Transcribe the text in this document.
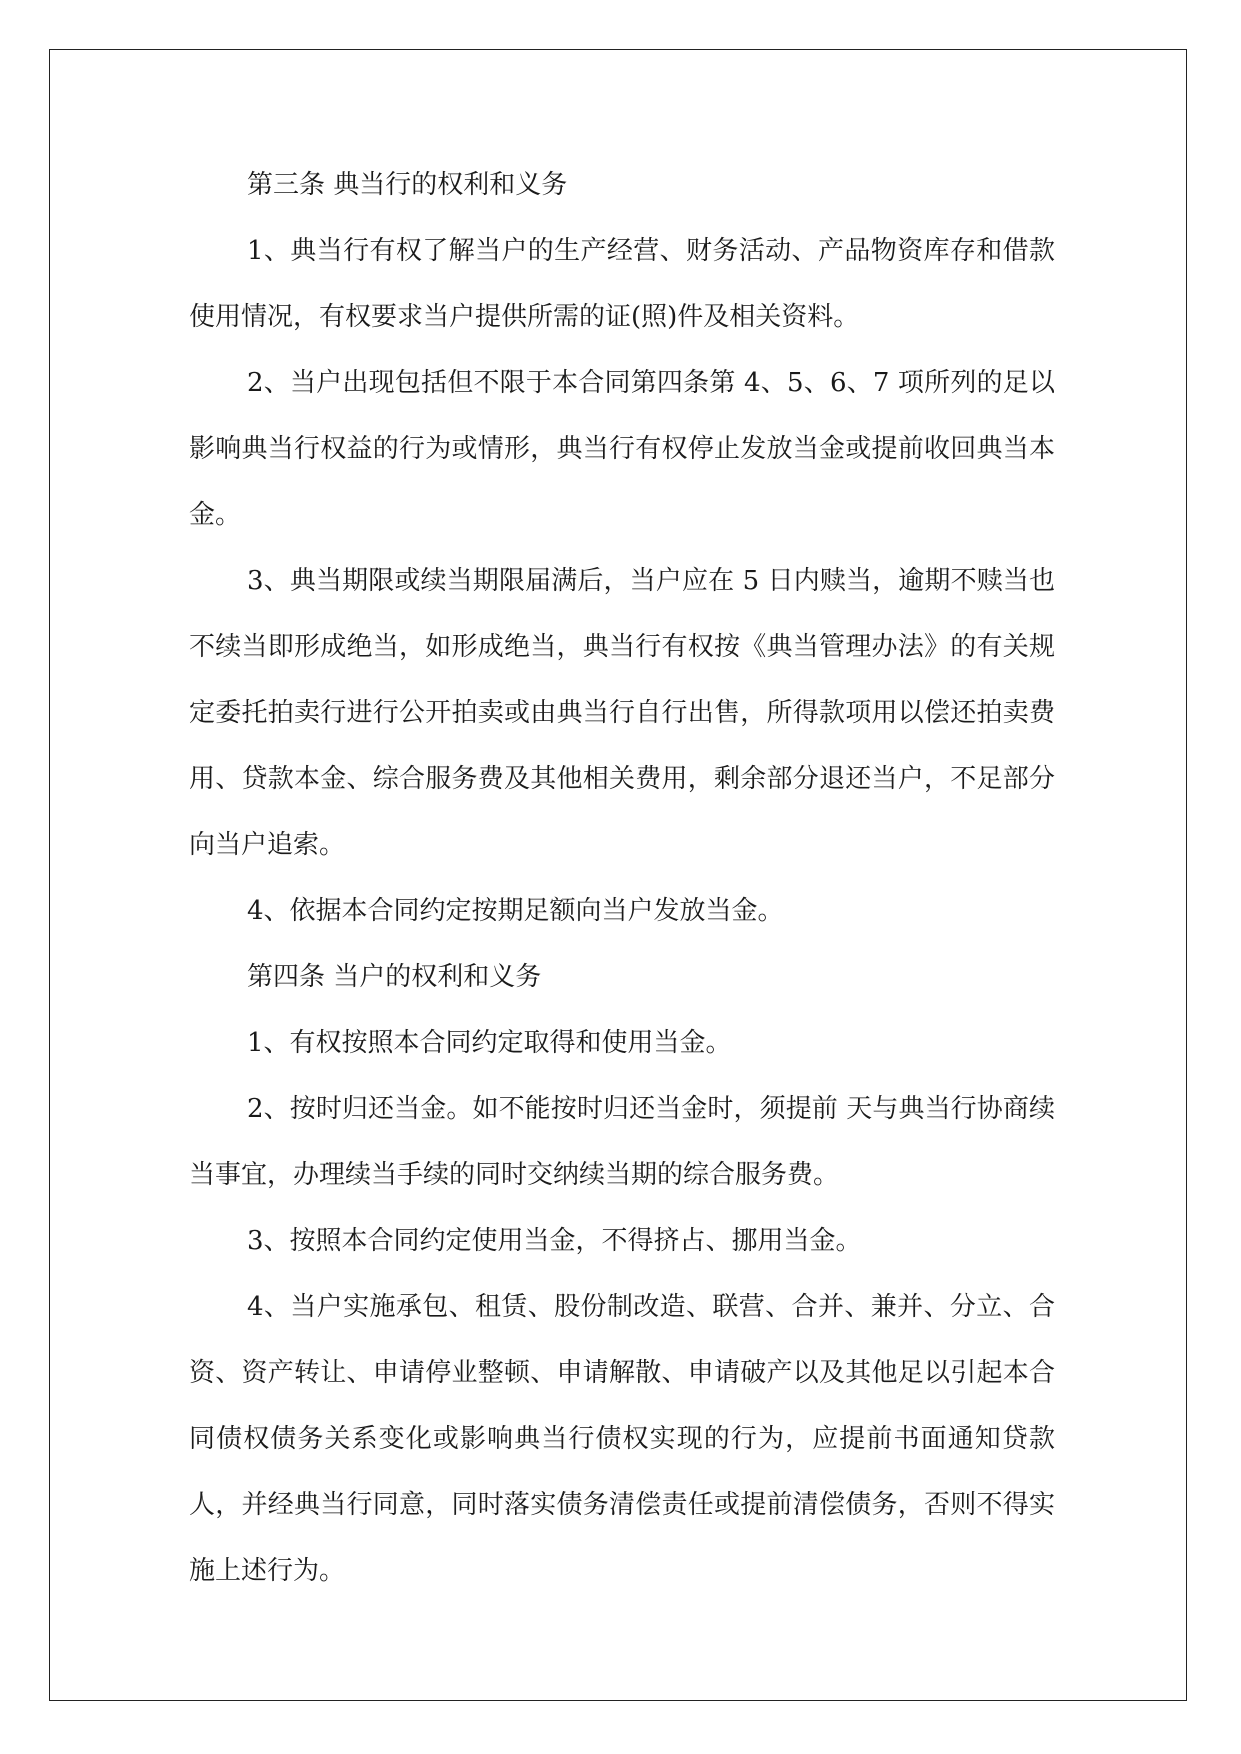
第三条 典当行的权利和义务

1、典当行有权了解当户的生产经营、财务活动、产品物资库存和借款使用情况，有权要求当户提供所需的证(照)件及相关资料。

2、当户出现包括但不限于本合同第四条第 4、5、6、7 项所列的足以影响典当行权益的行为或情形，典当行有权停止发放当金或提前收回典当本金。

3、典当期限或续当期限届满后，当户应在 5 日内赎当，逾期不赎当也不续当即形成绝当，如形成绝当，典当行有权按《典当管理办法》的有关规定委托拍卖行进行公开拍卖或由典当行自行出售，所得款项用以偿还拍卖费用、贷款本金、综合服务费及其他相关费用，剩余部分退还当户，不足部分向当户追索。

4、依据本合同约定按期足额向当户发放当金。

第四条 当户的权利和义务

1、有权按照本合同约定取得和使用当金。

2、按时归还当金。如不能按时归还当金时，须提前 天与典当行协商续当事宜，办理续当手续的同时交纳续当期的综合服务费。

3、按照本合同约定使用当金，不得挤占、挪用当金。

4、当户实施承包、租赁、股份制改造、联营、合并、兼并、分立、合资、资产转让、申请停业整顿、申请解散、申请破产以及其他足以引起本合同债权债务关系变化或影响典当行债权实现的行为，应提前书面通知贷款人，并经典当行同意，同时落实债务清偿责任或提前清偿债务，否则不得实施上述行为。
